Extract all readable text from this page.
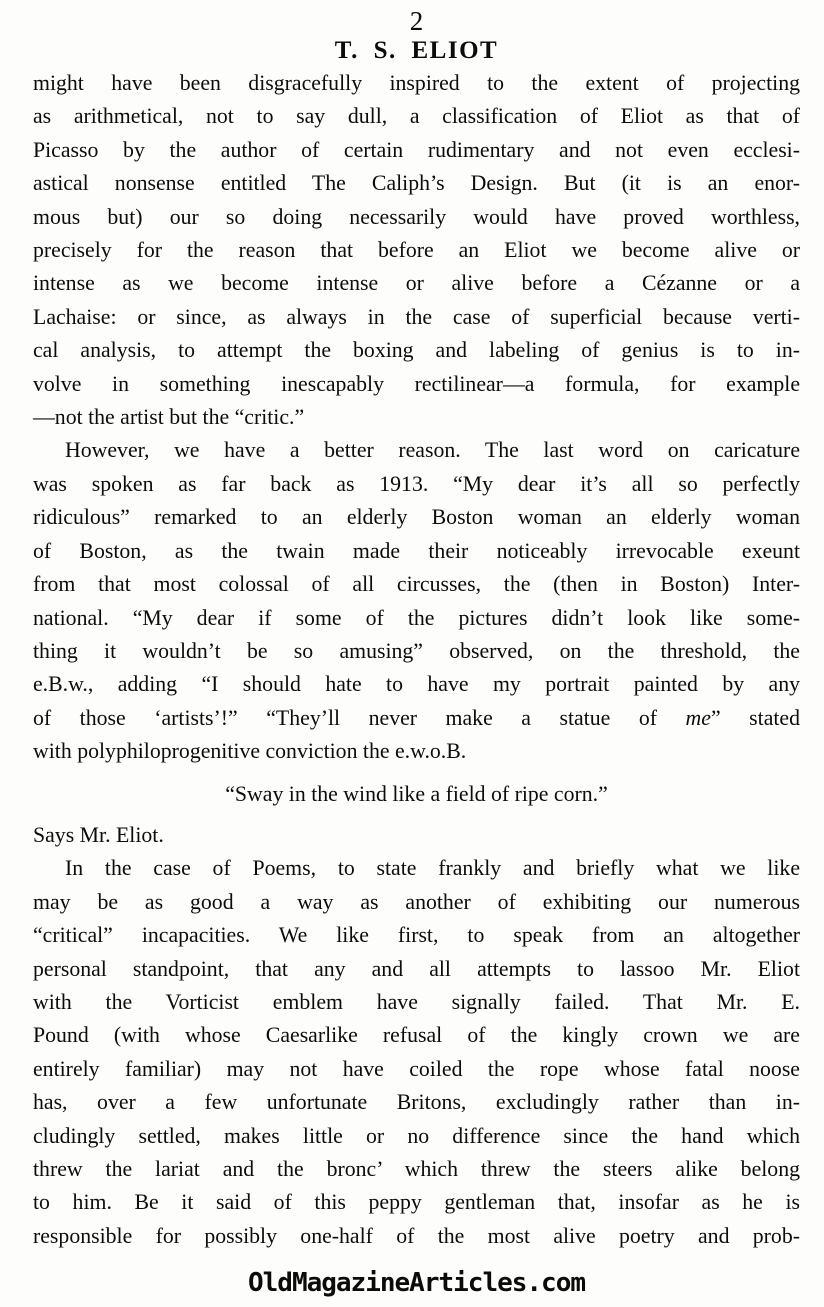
2
T. S. ELIOT
might have been disgracefully inspired to the extent of projecting
as arithmetical, not to say dull, a classification of Eliot as that of
Picasso by the author of certain rudimentary and not even ecclesi-
astical nonsense entitled The Caliph’s Design. But (it is an enor-
mous but) our so doing necessarily would have proved worthless,
precisely for the reason that before an Eliot we become alive or
intense as we become intense or alive before a Cézanne or a
Lachaise: or since, as always in the case of superficial because verti-
cal analysis, to attempt the boxing and labeling of genius is to in-
volve in something inescapably rectilinear—a formula, for example
—not the artist but the “critic.”
However, we have a better reason. The last word on caricature
was spoken as far back as 1913. “My dear it’s all so perfectly
ridiculous” remarked to an elderly Boston woman an elderly woman
of Boston, as the twain made their noticeably irrevocable exeunt
from that most colossal of all circusses, the (then in Boston) Inter-
national. “My dear if some of the pictures didn’t look like some-
thing it wouldn’t be so amusing” observed, on the threshold, the
e.B.w., adding “I should hate to have my portrait painted by any
of those ‘artists’!” “They’ll never make a statue of me” stated
with polyphiloprogenitive conviction the e.w.o.B.
“Sway in the wind like a field of ripe corn.”
Says Mr. Eliot.
In the case of Poems, to state frankly and briefly what we like
may be as good a way as another of exhibiting our numerous
“critical” incapacities. We like first, to speak from an altogether
personal standpoint, that any and all attempts to lassoo Mr. Eliot
with the Vorticist emblem have signally failed. That Mr. E.
Pound (with whose Caesarlike refusal of the kingly crown we are
entirely familiar) may not have coiled the rope whose fatal noose
has, over a few unfortunate Britons, excludingly rather than in-
cludingly settled, makes little or no difference since the hand which
threw the lariat and the bronc’ which threw the steers alike belong
to him. Be it said of this peppy gentleman that, insofar as he is
responsible for possibly one-half of the most alive poetry and prob-
OldMagazineArticles.com
